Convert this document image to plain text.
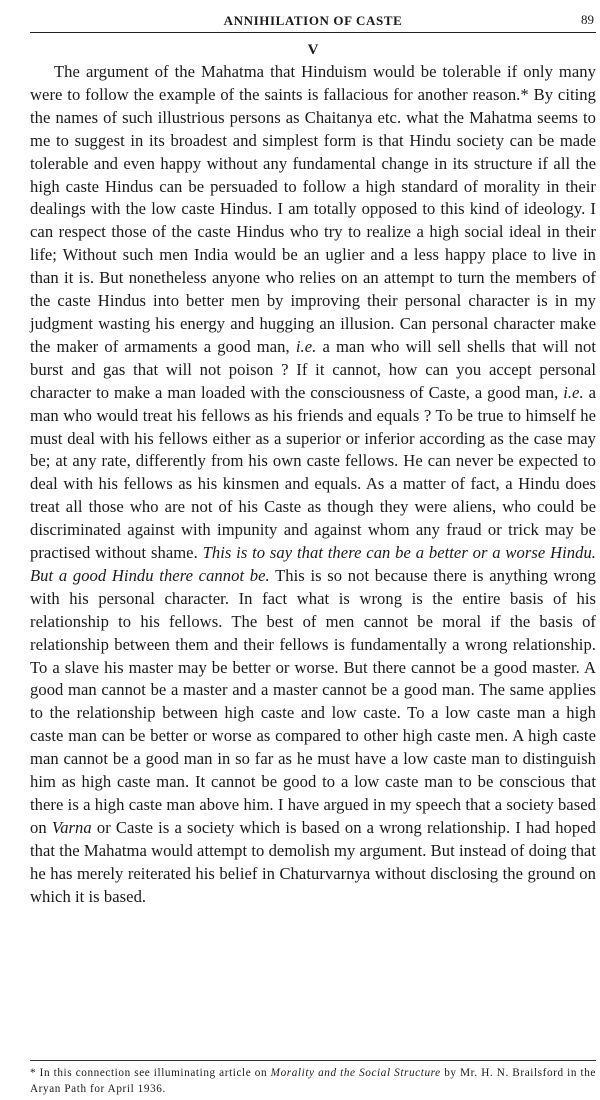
ANNIHILATION OF CASTE	89
V

The argument of the Mahatma that Hinduism would be tolerable if only many were to follow the example of the saints is fallacious for another reason.* By citing the names of such illustrious persons as Chaitanya etc. what the Mahatma seems to me to suggest in its broadest and simplest form is that Hindu society can be made tolerable and even happy without any fundamental change in its structure if all the high caste Hindus can be persuaded to follow a high standard of morality in their dealings with the low caste Hindus. I am totally opposed to this kind of ideology. I can respect those of the caste Hindus who try to realize a high social ideal in their life; Without such men India would be an uglier and a less happy place to live in than it is. But nonetheless anyone who relies on an attempt to turn the members of the caste Hindus into better men by improving their personal character is in my judgment wasting his energy and hugging an illusion. Can personal character make the maker of armaments a good man, i.e. a man who will sell shells that will not burst and gas that will not poison ? If it cannot, how can you accept personal character to make a man loaded with the consciousness of Caste, a good man, i.e. a man who would treat his fellows as his friends and equals ? To be true to himself he must deal with his fellows either as a superior or inferior according as the case may be; at any rate, differently from his own caste fellows. He can never be expected to deal with his fellows as his kinsmen and equals. As a matter of fact, a Hindu does treat all those who are not of his Caste as though they were aliens, who could be discriminated against with impunity and against whom any fraud or trick may be practised without shame. This is to say that there can be a better or a worse Hindu. But a good Hindu there cannot be. This is so not because there is anything wrong with his personal character. In fact what is wrong is the entire basis of his relationship to his fellows. The best of men cannot be moral if the basis of relationship between them and their fellows is fundamentally a wrong relationship. To a slave his master may be better or worse. But there cannot be a good master. A good man cannot be a master and a master cannot be a good man. The same applies to the relationship between high caste and low caste. To a low caste man a high caste man can be better or worse as compared to other high caste men. A high caste man cannot be a good man in so far as he must have a low caste man to distinguish him as high caste man. It cannot be good to a low caste man to be conscious that there is a high caste man above him. I have argued in my speech that a society based on Varna or Caste is a society which is based on a wrong relationship. I had hoped that the Mahatma would attempt to demolish my argument. But instead of doing that he has merely reiterated his belief in Chaturvarnya without disclosing the ground on which it is based.

* In this connection see illuminating article on Morality and the Social Structure by Mr. H. N. Brailsford in the Aryan Path for April 1936.
